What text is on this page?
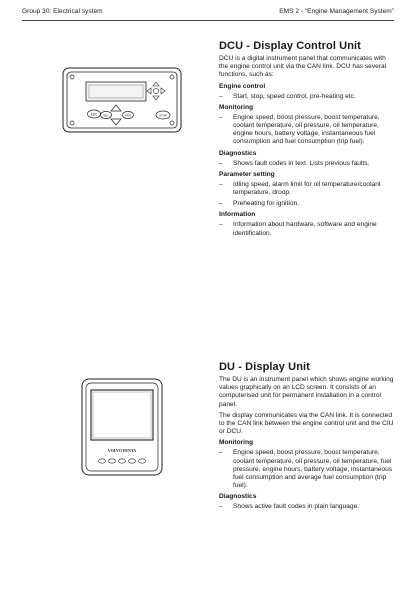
Group 30: Electrical system	EMS 2 - “Engine Management System”
ESC SEL	PRG	STOP
DCU - Display Control Unit

DCU is a digital instrument panel that communicates with the engine control unit via the CAN link. DCU has several functions, such as:

Engine control
– Start, stop, speed control, pre-heating etc.
Monitoring
– Engine speed, boost pressure, boost temperature, coolant temperature, oil pressure, oil temperature, engine hours, battery voltage, instantaneous fuel consumption and fuel consumption (trip fuel).
Diagnostics
– Shows fault codes in text. Lists previous faults.
Parameter setting
– Idling speed, alarm limit for oil temperature/coolant temperature, droop.
– Preheating for ignition.
Information
– Information about hardware, software and engine identification.
VOLVO PENTA
DU - Display Unit

The DU is an instrument panel which shows engine working values graphically on an LCD screen. It consists of an computerised unit for permanent installation in a control panel.

The display communicates via the CAN link. It is connected to the CAN link between the engine control unit and the CIU or DCU.

Monitoring
– Engine speed, boost pressure, boost temperature, coolant temperature, oil pressure, oil temperature, fuel pressure, engine hours, battery voltage, instantaneous fuel consumption and average fuel consumption (trip fuel).
Diagnostics
– Shows active fault codes in plain language.
